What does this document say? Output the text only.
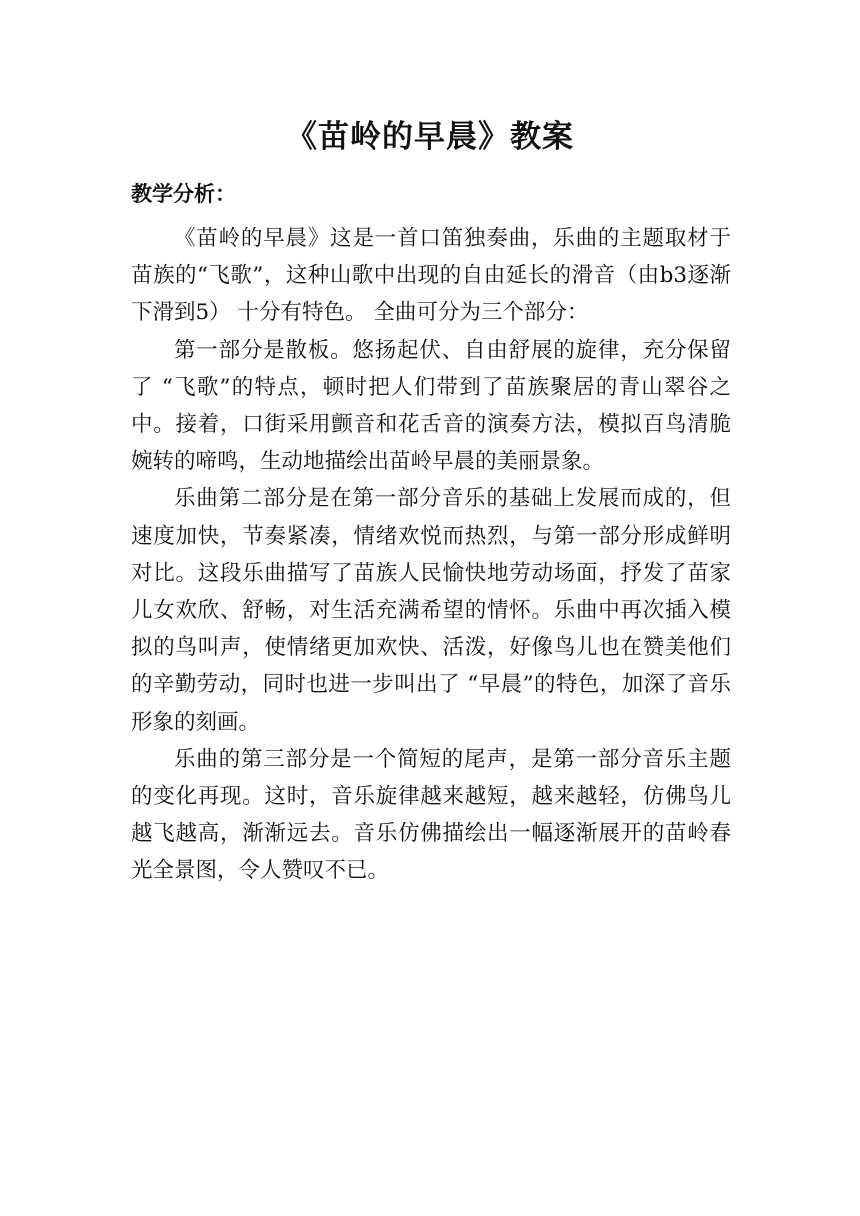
《苗岭的早晨》教案
教学分析：

《苗岭的早晨》这是一首口笛独奏曲，乐曲的主题取材于苗族的“飞歌”，这种山歌中出现的自由延长的滑音（由b3逐渐下滑到5） 十分有特色。 全曲可分为三个部分：

第一部分是散板。悠扬起伏、自由舒展的旋律，充分保留了 “飞歌”的特点，顿时把人们带到了苗族聚居的青山翠谷之中。接着，口街采用颤音和花舌音的演奏方法，模拟百鸟清脆婉转的啼鸣，生动地描绘出苗岭早晨的美丽景象。

乐曲第二部分是在第一部分音乐的基础上发展而成的，但速度加快，节奏紧凑，情绪欢悦而热烈，与第一部分形成鲜明对比。这段乐曲描写了苗族人民愉快地劳动场面，抒发了苗家儿女欢欣、舒畅，对生活充满希望的情怀。乐曲中再次插入模拟的鸟叫声，使情绪更加欢快、活泼，好像鸟儿也在赞美他们的辛勤劳动，同时也进一步叫出了 “早晨”的特色，加深了音乐形象的刻画。

乐曲的第三部分是一个简短的尾声，是第一部分音乐主题的变化再现。这时，音乐旋律越来越短，越来越轻，仿佛鸟儿越飞越高，渐渐远去。音乐仿佛描绘出一幅逐渐展开的苗岭春光全景图，令人赞叹不已。
